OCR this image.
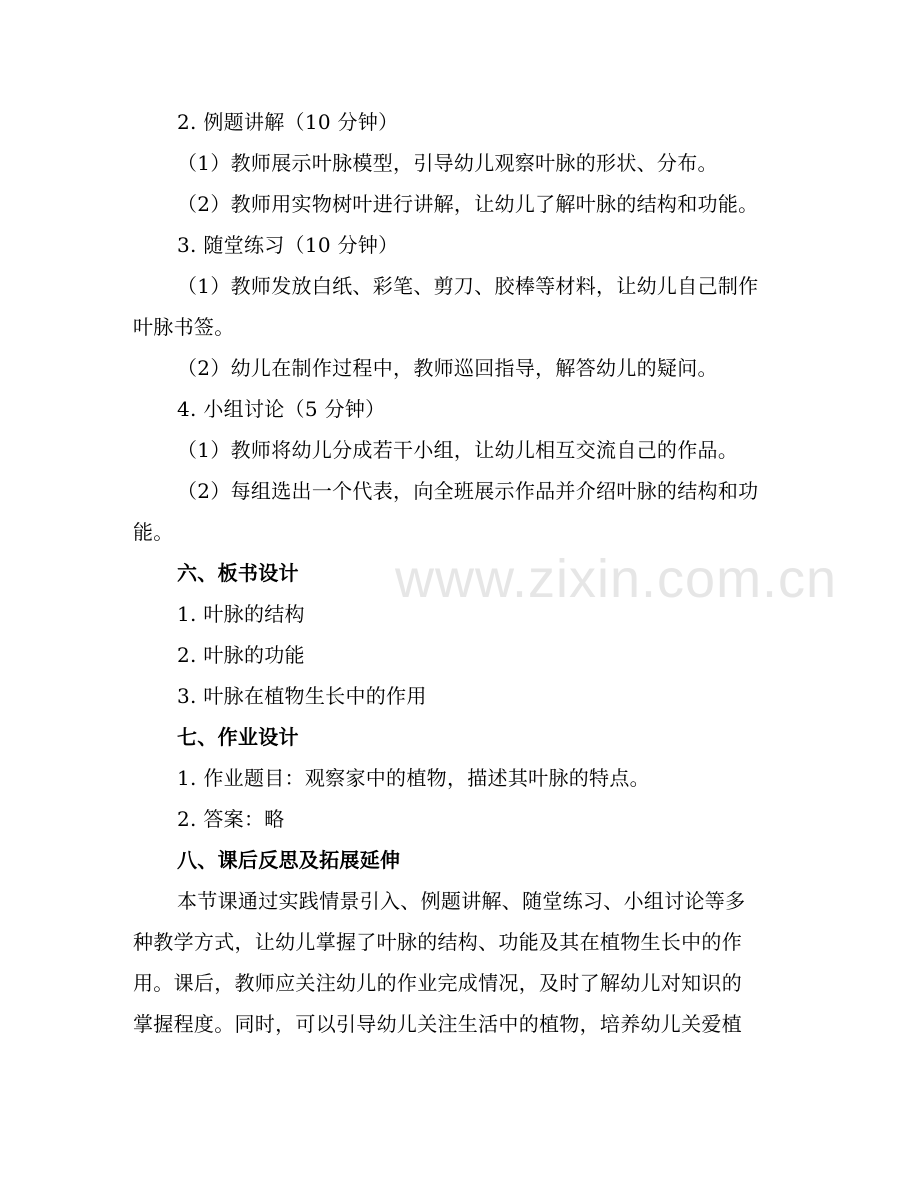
2. 例题讲解（10 分钟）
（1）教师展示叶脉模型，引导幼儿观察叶脉的形状、分布。
（2）教师用实物树叶进行讲解，让幼儿了解叶脉的结构和功能。
3. 随堂练习（10 分钟）
（1）教师发放白纸、彩笔、剪刀、胶棒等材料，让幼儿自己制作
叶脉书签。
（2）幼儿在制作过程中，教师巡回指导，解答幼儿的疑问。
4. 小组讨论（5 分钟）
（1）教师将幼儿分成若干小组，让幼儿相互交流自己的作品。
（2）每组选出一个代表，向全班展示作品并介绍叶脉的结构和功
能。
六、板书设计
1. 叶脉的结构
2. 叶脉的功能
3. 叶脉在植物生长中的作用
七、作业设计
1. 作业题目：观察家中的植物，描述其叶脉的特点。
2. 答案：略
八、课后反思及拓展延伸
本节课通过实践情景引入、例题讲解、随堂练习、小组讨论等多
种教学方式，让幼儿掌握了叶脉的结构、功能及其在植物生长中的作
用。课后，教师应关注幼儿的作业完成情况，及时了解幼儿对知识的
掌握程度。同时，可以引导幼儿关注生活中的植物，培养幼儿关爱植
www.zixin.com.cn
